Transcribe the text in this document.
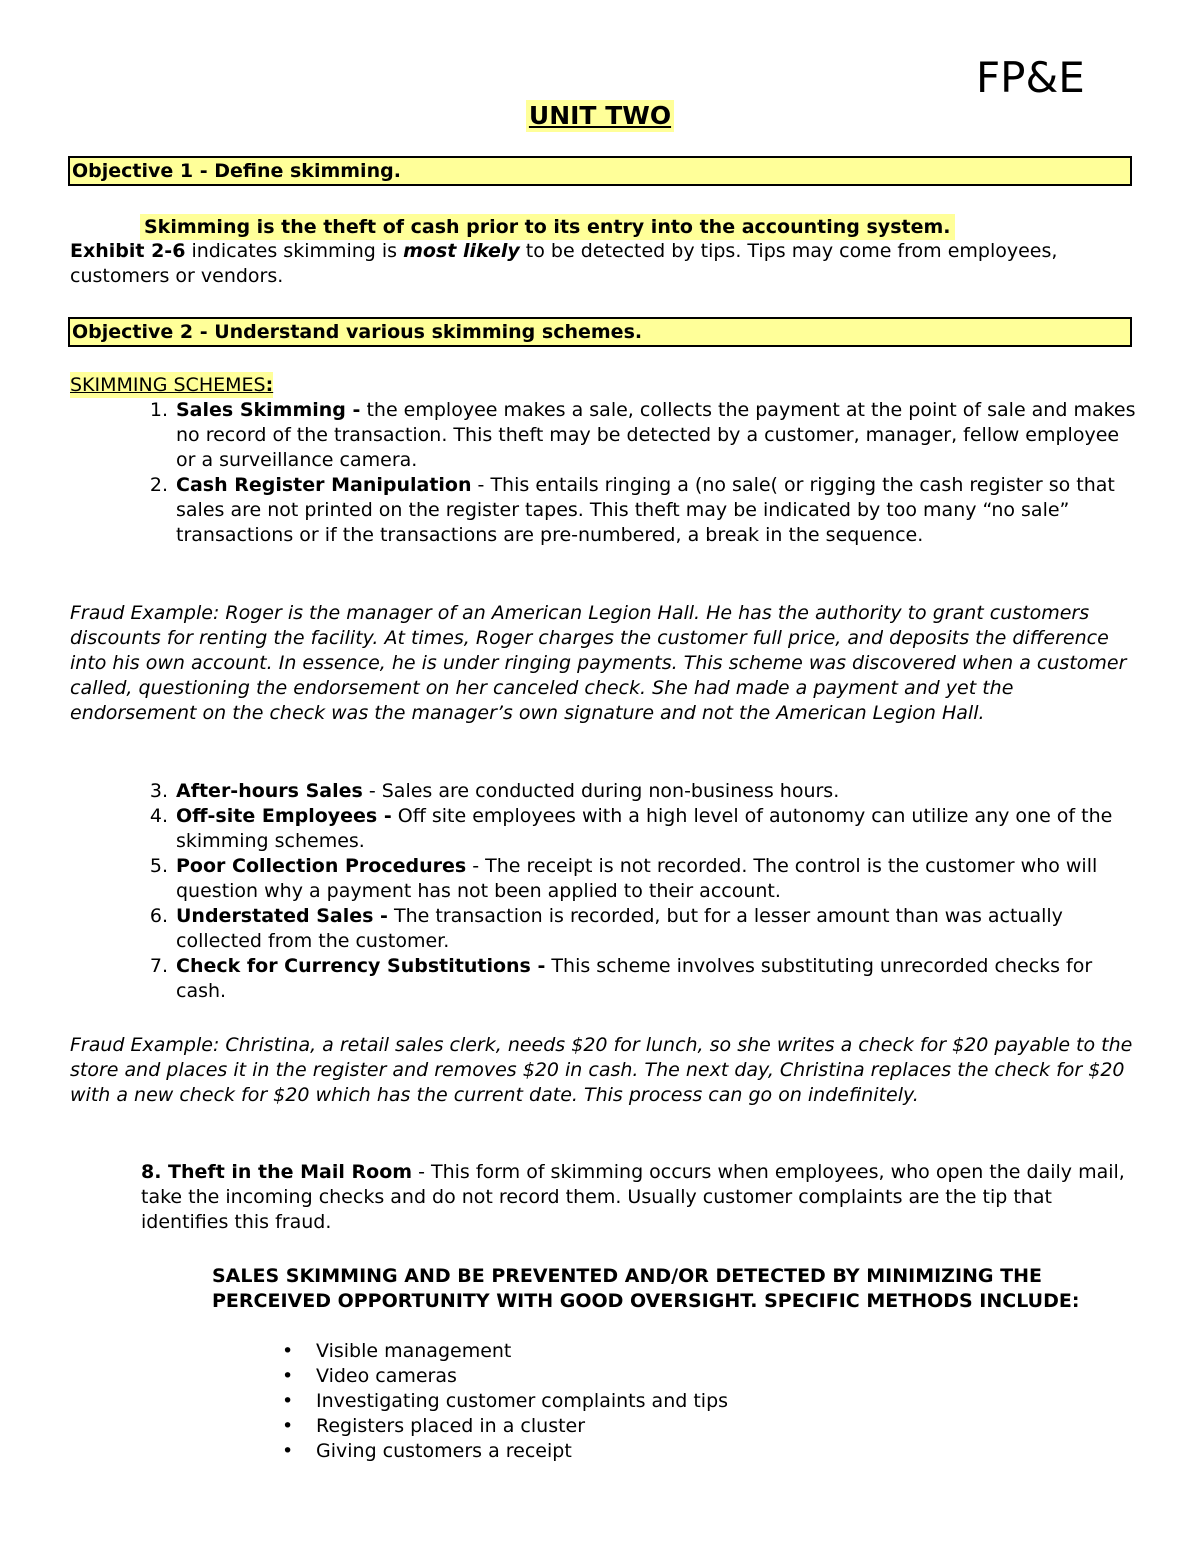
FP&E
UNIT TWO
Objective 1 - Define skimming.
Skimming is the theft of cash prior to its entry into the accounting system.
Exhibit 2-6 indicates skimming is most likely to be detected by tips. Tips may come from employees, customers or vendors.
Objective 2 - Understand various skimming schemes.
SKIMMING SCHEMES:
1. Sales Skimming - the employee makes a sale, collects the payment at the point of sale and makes no record of the transaction. This theft may be detected by a customer, manager, fellow employee or a surveillance camera.
2. Cash Register Manipulation - This entails ringing a (no sale( or rigging the cash register so that sales are not printed on the register tapes. This theft may be indicated by too many “no sale” transactions or if the transactions are pre-numbered, a break in the sequence.
Fraud Example: Roger is the manager of an American Legion Hall. He has the authority to grant customers discounts for renting the facility. At times, Roger charges the customer full price, and deposits the difference into his own account. In essence, he is under ringing payments. This scheme was discovered when a customer called, questioning the endorsement on her canceled check. She had made a payment and yet the endorsement on the check was the manager’s own signature and not the American Legion Hall.
3. After-hours Sales - Sales are conducted during non-business hours.
4. Off-site Employees - Off site employees with a high level of autonomy can utilize any one of the skimming schemes.
5. Poor Collection Procedures - The receipt is not recorded. The control is the customer who will question why a payment has not been applied to their account.
6. Understated Sales - The transaction is recorded, but for a lesser amount than was actually collected from the customer.
7. Check for Currency Substitutions - This scheme involves substituting unrecorded checks for cash.
Fraud Example: Christina, a retail sales clerk, needs $20 for lunch, so she writes a check for $20 payable to the store and places it in the register and removes $20 in cash. The next day, Christina replaces the check for $20 with a new check for $20 which has the current date. This process can go on indefinitely.
8. Theft in the Mail Room - This form of skimming occurs when employees, who open the daily mail, take the incoming checks and do not record them. Usually customer complaints are the tip that identifies this fraud.
SALES SKIMMING AND BE PREVENTED AND/OR DETECTED BY MINIMIZING THE PERCEIVED OPPORTUNITY WITH GOOD OVERSIGHT. SPECIFIC METHODS INCLUDE:
• Visible management
• Video cameras
• Investigating customer complaints and tips
• Registers placed in a cluster
• Giving customers a receipt
